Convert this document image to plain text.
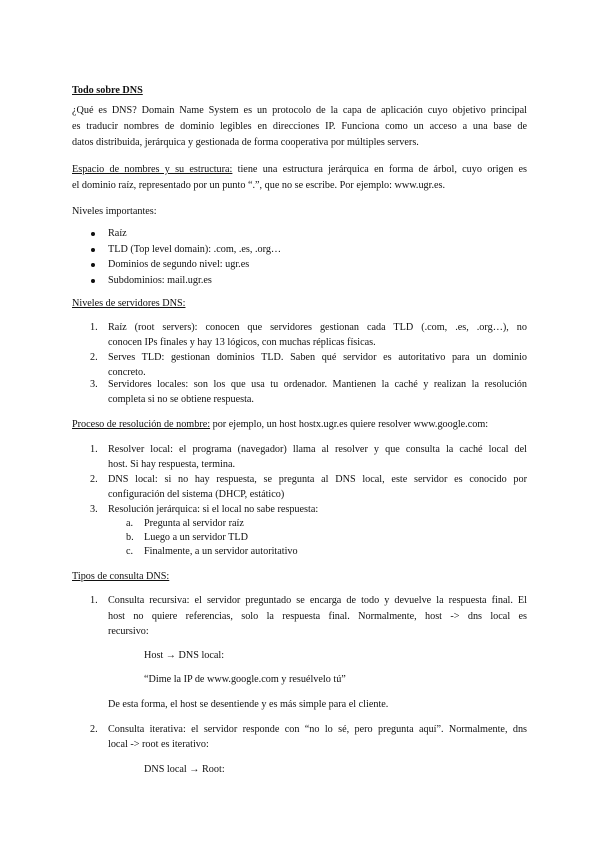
Todo sobre DNS
¿Qué es DNS? Domain Name System es un protocolo de la capa de aplicación cuyo objetivo principal
es traducir nombres de dominio legibles en direcciones IP. Funciona como un acceso a una base de
datos distribuida, jerárquica y gestionada de forma cooperativa por múltiples servers.
Espacio de nombres y su estructura: tiene una estructura jerárquica en forma de árbol, cuyo origen es
el dominio raíz, representado por un punto “.”, que no se escribe. Por ejemplo: www.ugr.es.
Niveles importantes:
Raíz
TLD (Top level domain): .com, .es, .org…
Dominios de segundo nivel: ugr.es
Subdominios: mail.ugr.es
Niveles de servidores DNS:
1. Raíz (root servers): conocen que servidores gestionan cada TLD (.com, .es, .org…), no
conocen IPs finales y hay 13 lógicos, con muchas réplicas físicas.
2. Serves TLD: gestionan dominios TLD. Saben qué servidor es autoritativo para un dominio
concreto.
3. Servidores locales: son los que usa tu ordenador. Mantienen la caché y realizan la resolución
completa si no se obtiene respuesta.
Proceso de resolución de nombre: por ejemplo, un host hostx.ugr.es quiere resolver www.google.com:
1. Resolver local: el programa (navegador) llama al resolver y que consulta la caché local del
host. Si hay respuesta, termina.
2. DNS local: si no hay respuesta, se pregunta al DNS local, este servidor es conocido por
configuración del sistema (DHCP, estático)
3. Resolución jerárquica: si el local no sabe respuesta:
a. Pregunta al servidor raíz
b. Luego a un servidor TLD
c. Finalmente, a un servidor autoritativo
Tipos de consulta DNS:
1. Consulta recursiva: el servidor preguntado se encarga de todo y devuelve la respuesta final. El
host no quiere referencias, solo la respuesta final. Normalmente, host -> dns local es
recursivo:
Host → DNS local:
“Dime la IP de www.google.com y resuélvelo tú”
De esta forma, el host se desentiende y es más simple para el cliente.
2. Consulta iterativa: el servidor responde con “no lo sé, pero pregunta aquí”. Normalmente, dns
local -> root es iterativo:
DNS local → Root:
